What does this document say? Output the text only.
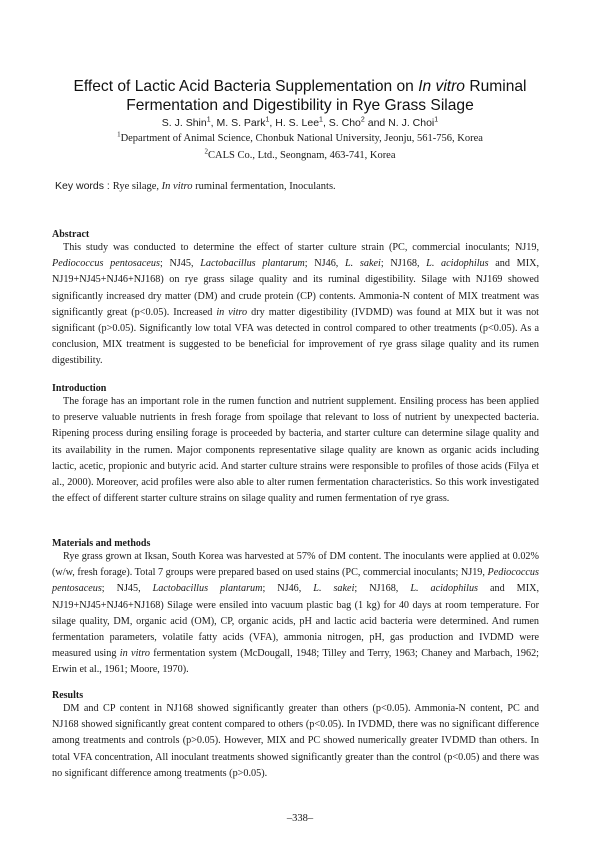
Effect of Lactic Acid Bacteria Supplementation on In vitro Ruminal
Fermentation and Digestibility in Rye Grass Silage
S. J. Shin$^1$, M. S. Park$^1$, H. S. Lee$^1$, S. Cho$^2$ and N. J. Choi$^1$
$^1$Department of Animal Science, Chonbuk National University, Jeonju, 561-756, Korea
$^2$CALS Co., Ltd., Seongnam, 463-741, Korea
Key words : Rye silage, In vitro ruminal fermentation, Inoculants.
Abstract
This study was conducted to determine the effect of starter culture strain (PC, commercial inoculants; NJ19, Pediococcus pentosaceus; NJ45, Lactobacillus plantarum; NJ46, L. sakei; NJ168, L. acidophilus and MIX, NJ19+NJ45+NJ46+NJ168) on rye grass silage quality and its ruminal digestibility. Silage with NJ169 showed significantly increased dry matter (DM) and crude protein (CP) contents. Ammonia-N content of MIX treatment was significantly great (p<0.05). Increased in vitro dry matter digestibility (IVDMD) was found at MIX but it was not significant (p>0.05). Significantly low total VFA was detected in control compared to other treatments (p<0.05). As a conclusion, MIX treatment is suggested to be beneficial for improvement of rye grass silage quality and its rumen digestibility.
Introduction
The forage has an important role in the rumen function and nutrient supplement. Ensiling process has been applied to preserve valuable nutrients in fresh forage from spoilage that relevant to loss of nutrient by unexpected bacteria. Ripening process during ensiling forage is proceeded by bacteria, and starter culture can determine silage quality and its availability in the rumen. Major components representative silage quality are known as organic acids including lactic, acetic, propionic and butyric acid. And starter culture strains were responsible to profiles of those acids (Filya et al., 2000). Moreover, acid profiles were also able to alter rumen fermentation characteristics. So this work investigated the effect of different starter culture strains on silage quality and rumen fermentation of rye grass.
Materials and methods
Rye grass grown at Iksan, South Korea was harvested at 57% of DM content. The inoculants were applied at 0.02% (w/w, fresh forage). Total 7 groups were prepared based on used stains (PC, commercial inoculants; NJ19, Pediococcus pentosaceus; NJ45, Lactobacillus plantarum; NJ46, L. sakei; NJ168, L. acidophilus and MIX, NJ19+NJ45+NJ46+NJ168) Silage were ensiled into vacuum plastic bag (1 kg) for 40 days at room temperature. For silage quality, DM, organic acid (OM), CP, organic acids, pH and lactic acid bacteria were determined. And rumen fermentation parameters, volatile fatty acids (VFA), ammonia nitrogen, pH, gas production and IVDMD were measured using in vitro fermentation system (McDougall, 1948; Tilley and Terry, 1963; Chaney and Marbach, 1962; Erwin et al., 1961; Moore, 1970).
Results
DM and CP content in NJ168 showed significantly greater than others (p<0.05). Ammonia-N content, PC and NJ168 showed significantly great content compared to others (p<0.05). In IVDMD, there was no significant difference among treatments and controls (p>0.05). However, MIX and PC showed numerically greater IVDMD than others. In total VFA concentration, All inoculant treatments showed significantly greater than the control (p<0.05) and there was no significant difference among treatments (p>0.05).
–338–
